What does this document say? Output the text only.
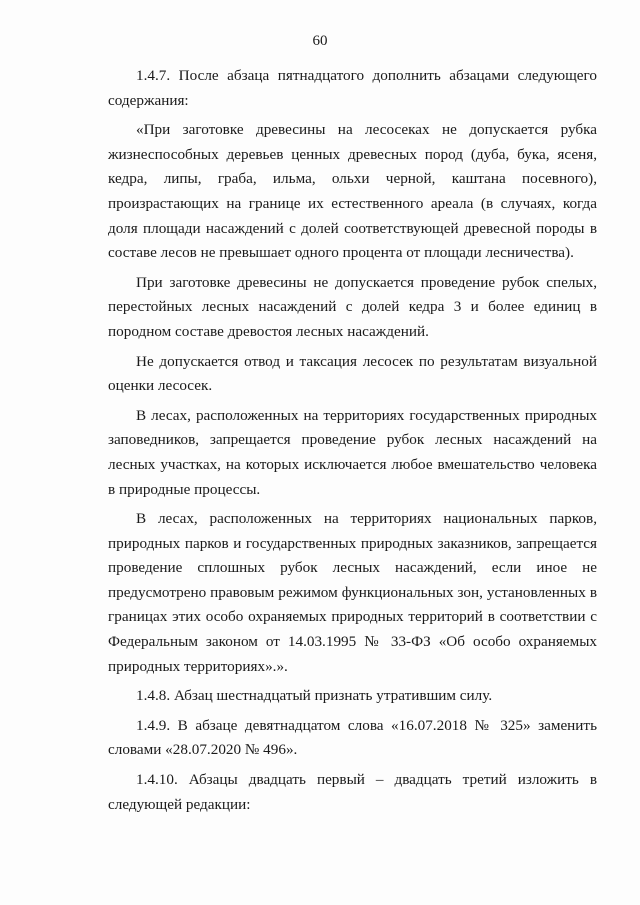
60

1.4.7. После абзаца пятнадцатого дополнить абзацами следующего содержания:

«При заготовке древесины на лесосеках не допускается рубка жизнеспособных деревьев ценных древесных пород (дуба, бука, ясеня, кедра, липы, граба, ильма, ольхи черной, каштана посевного), произрастающих на границе их естественного ареала (в случаях, когда доля площади насаждений с долей соответствующей древесной породы в составе лесов не превышает одного процента от площади лесничества).

При заготовке древесины не допускается проведение рубок спелых, перестойных лесных насаждений с долей кедра 3 и более единиц в породном составе древостоя лесных насаждений.

Не допускается отвод и таксация лесосек по результатам визуальной оценки лесосек.

В лесах, расположенных на территориях государственных природных заповедников, запрещается проведение рубок лесных насаждений на лесных участках, на которых исключается любое вмешательство человека в природные процессы.

В лесах, расположенных на территориях национальных парков, природных парков и государственных природных заказников, запрещается проведение сплошных рубок лесных насаждений, если иное не предусмотрено правовым режимом функциональных зон, установленных в границах этих особо охраняемых природных территорий в соответствии с Федеральным законом от 14.03.1995 № 33-ФЗ «Об особо охраняемых природных территориях».».

1.4.8. Абзац шестнадцатый признать утратившим силу.

1.4.9. В абзаце девятнадцатом слова «16.07.2018 № 325» заменить словами «28.07.2020 № 496».

1.4.10. Абзацы двадцать первый – двадцать третий изложить в следующей редакции:
